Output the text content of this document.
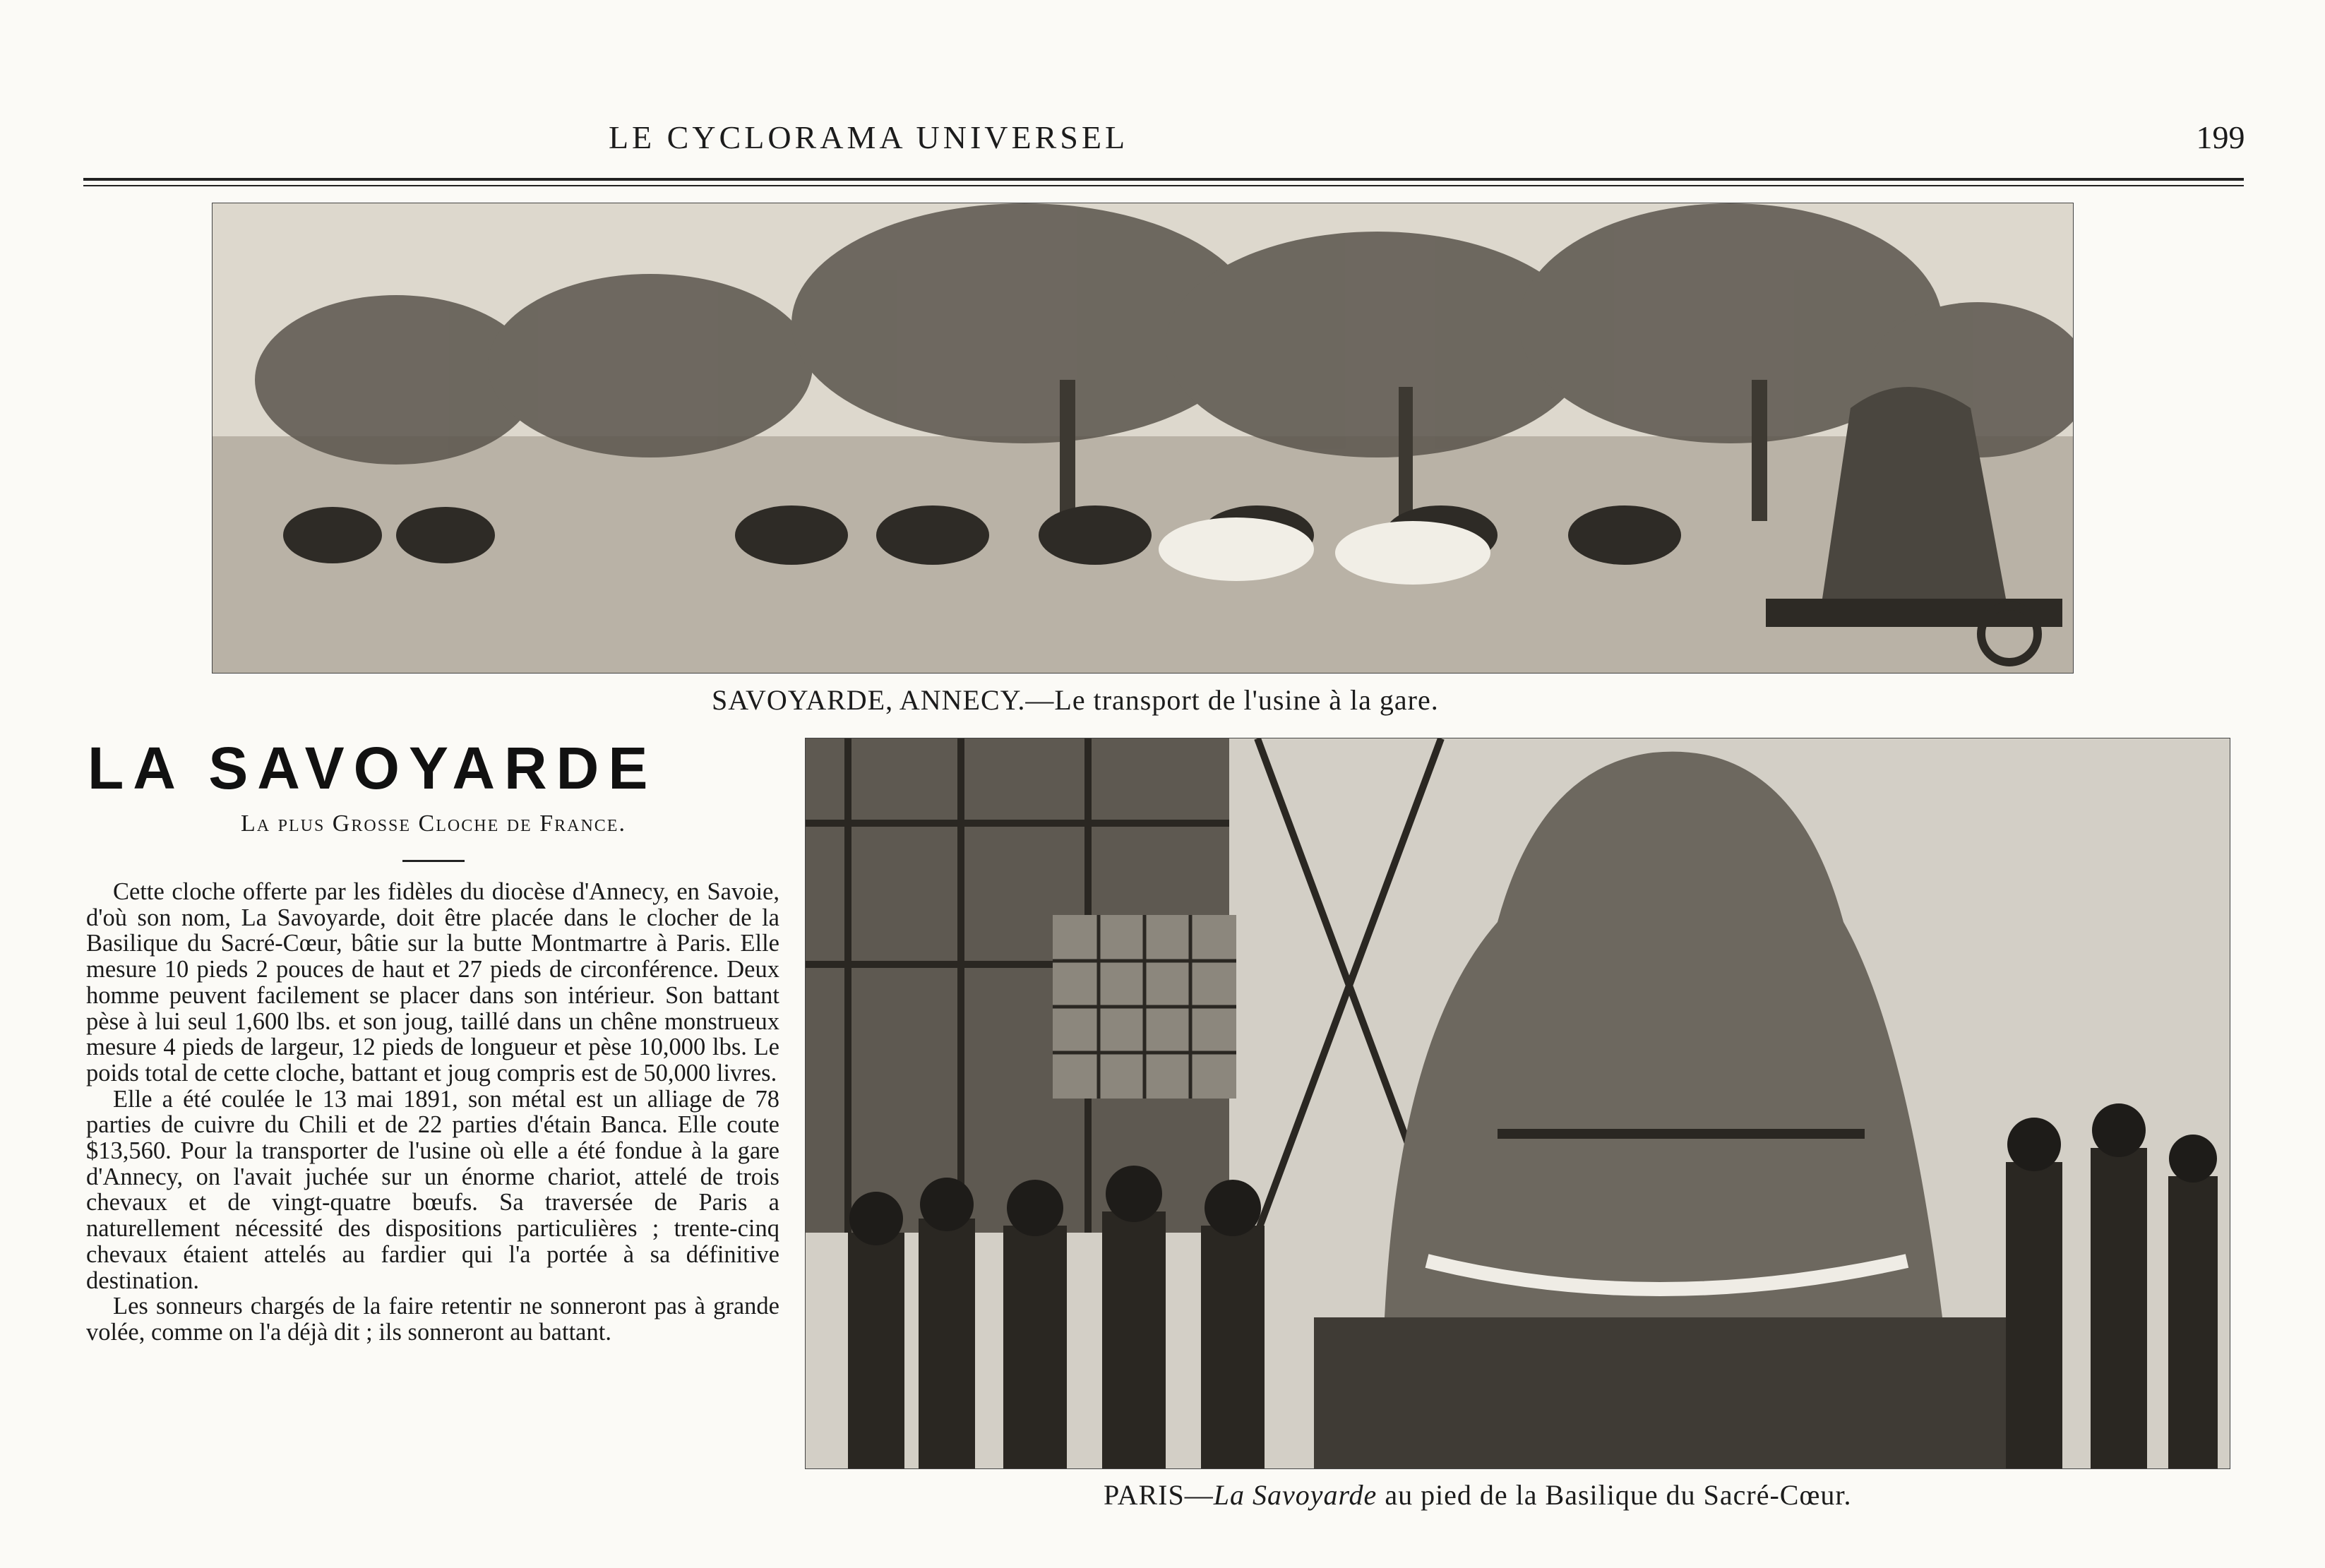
LE CYCLORAMA UNIVERSEL	199
SAVOYARDE, ANNECY.—Le transport de l'usine à la gare.
LA SAVOYARDE
La plus Grosse Cloche de France.

Cette cloche offerte par les fidèles du diocèse d'Annecy, en Savoie, d'où son nom, La Savoyarde, doit être placée dans le clocher de la Basilique du Sacré-Cœur, bâtie sur la butte Montmartre à Paris. Elle mesure 10 pieds 2 pouces de haut et 27 pieds de circonférence. Deux homme peuvent facilement se placer dans son intérieur. Son battant pèse à lui seul 1,600 lbs. et son joug, taillé dans un chêne monstrueux mesure 4 pieds de largeur, 12 pieds de longueur et pèse 10,000 lbs. Le poids total de cette cloche, battant et joug compris est de 50,000 livres.

Elle a été coulée le 13 mai 1891, son métal est un alliage de 78 parties de cuivre du Chili et de 22 parties d'étain Banca. Elle coute $13,560. Pour la transporter de l'usine où elle a été fondue à la gare d'Annecy, on l'avait juchée sur un énorme chariot, attelé de trois chevaux et de vingt-quatre bœufs. Sa traversée de Paris a naturellement nécessité des dispositions particulières ; trente-cinq chevaux étaient attelés au fardier qui l'a portée à sa définitive destination.

Les sonneurs chargés de la faire retentir ne sonneront pas à grande volée, comme on l'a déjà dit ; ils sonneront au battant.

PARIS—La Savoyarde au pied de la Basilique du Sacré-Cœur.
